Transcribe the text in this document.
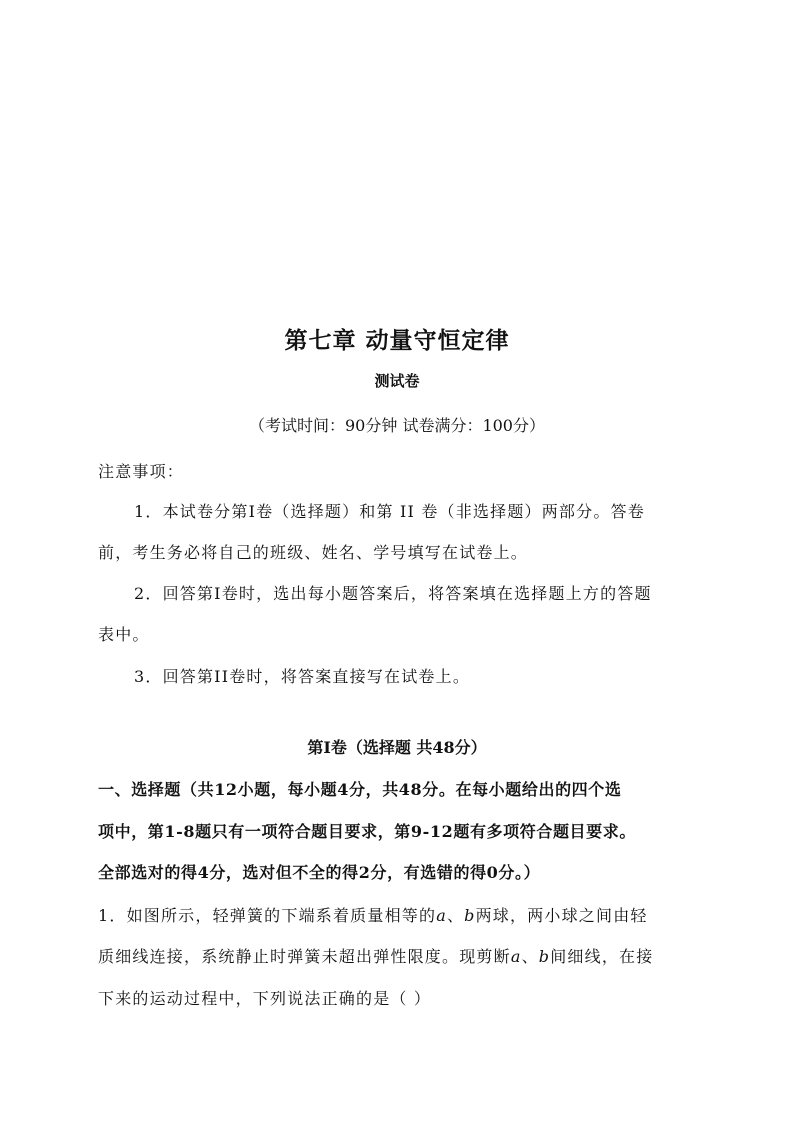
第七章 动量守恒定律
测试卷
（考试时间：90分钟 试卷满分：100分）
注意事项：
1．本试卷分第Ⅰ卷（选择题）和第 II 卷（非选择题）两部分。答卷
前，考生务必将自己的班级、姓名、学号填写在试卷上。
2．回答第Ⅰ卷时，选出每小题答案后，将答案填在选择题上方的答题
表中。
3．回答第II卷时，将答案直接写在试卷上。
第Ⅰ卷（选择题 共48分）
一、选择题（共12小题，每小题4分，共48分。在每小题给出的四个选
项中，第1-8题只有一项符合题目要求，第9-12题有多项符合题目要求。
全部选对的得4分，选对但不全的得2分，有选错的得0分。）
1．如图所示，轻弹簧的下端系着质量相等的a、b两球，两小球之间由轻
质细线连接，系统静止时弹簧未超出弹性限度。现剪断a、b间细线，在接
下来的运动过程中，下列说法正确的是（ ）
